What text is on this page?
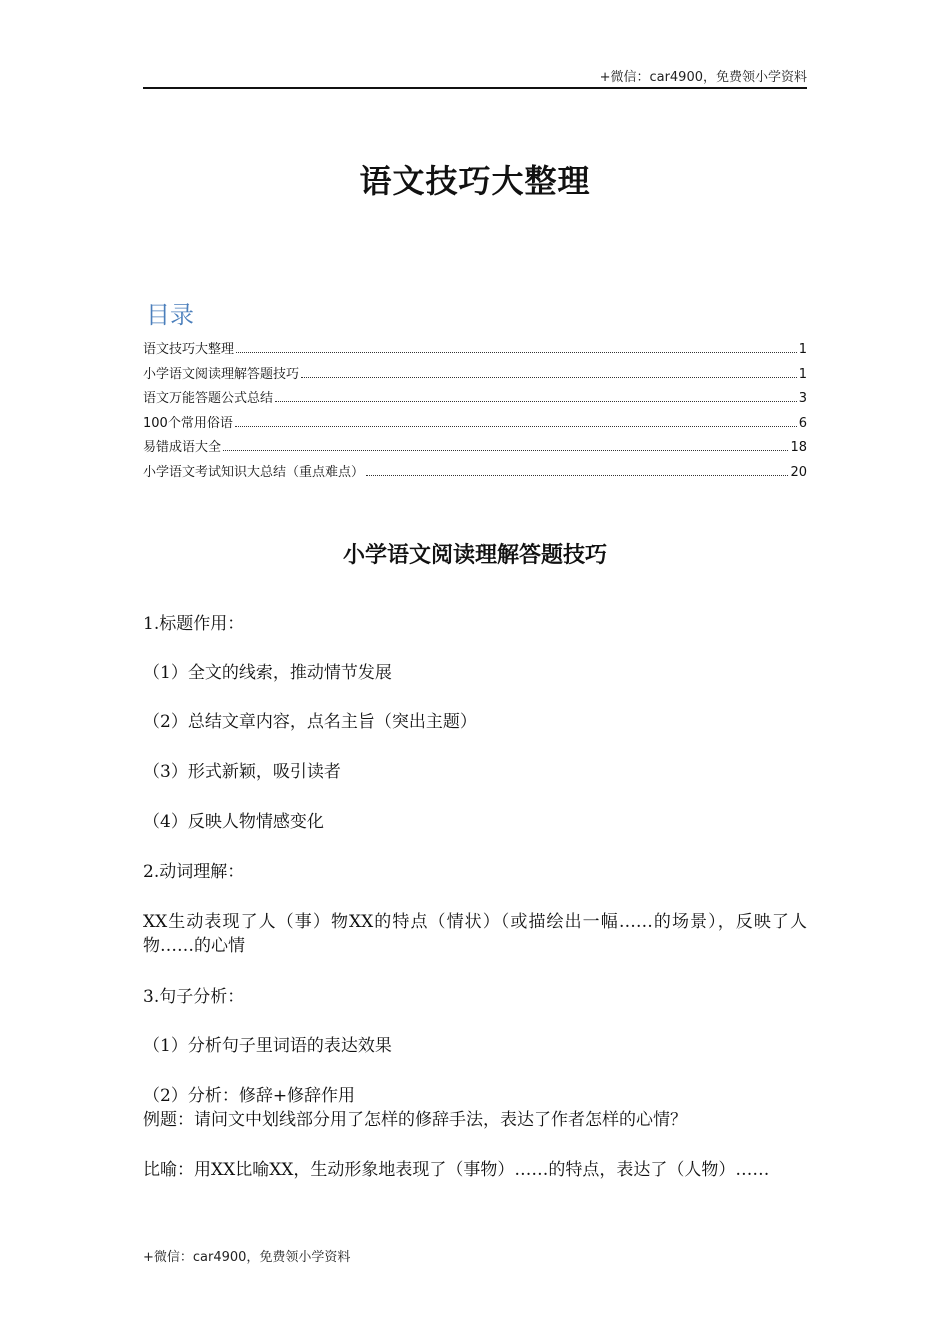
+微信：car4900，免费领小学资料
语文技巧大整理
目录
语文技巧大整理	1
小学语文阅读理解答题技巧	1
语文万能答题公式总结	3
100个常用俗语	6
易错成语大全	18
小学语文考试知识大总结（重点难点）	20
小学语文阅读理解答题技巧
1.标题作用：
（1）全文的线索，推动情节发展
（2）总结文章内容，点名主旨（突出主题）
（3）形式新颖，吸引读者
（4）反映人物情感变化
2.动词理解：
XX生动表现了人（事）物XX的特点（情状）（或描绘出一幅……的场景），反映了人物……的心情
3.句子分析：
（1）分析句子里词语的表达效果
（2）分析：修辞+修辞作用
例题：请问文中划线部分用了怎样的修辞手法，表达了作者怎样的心情？
比喻：用XX比喻XX，生动形象地表现了（事物）……的特点，表达了（人物）……
+微信：car4900，免费领小学资料
